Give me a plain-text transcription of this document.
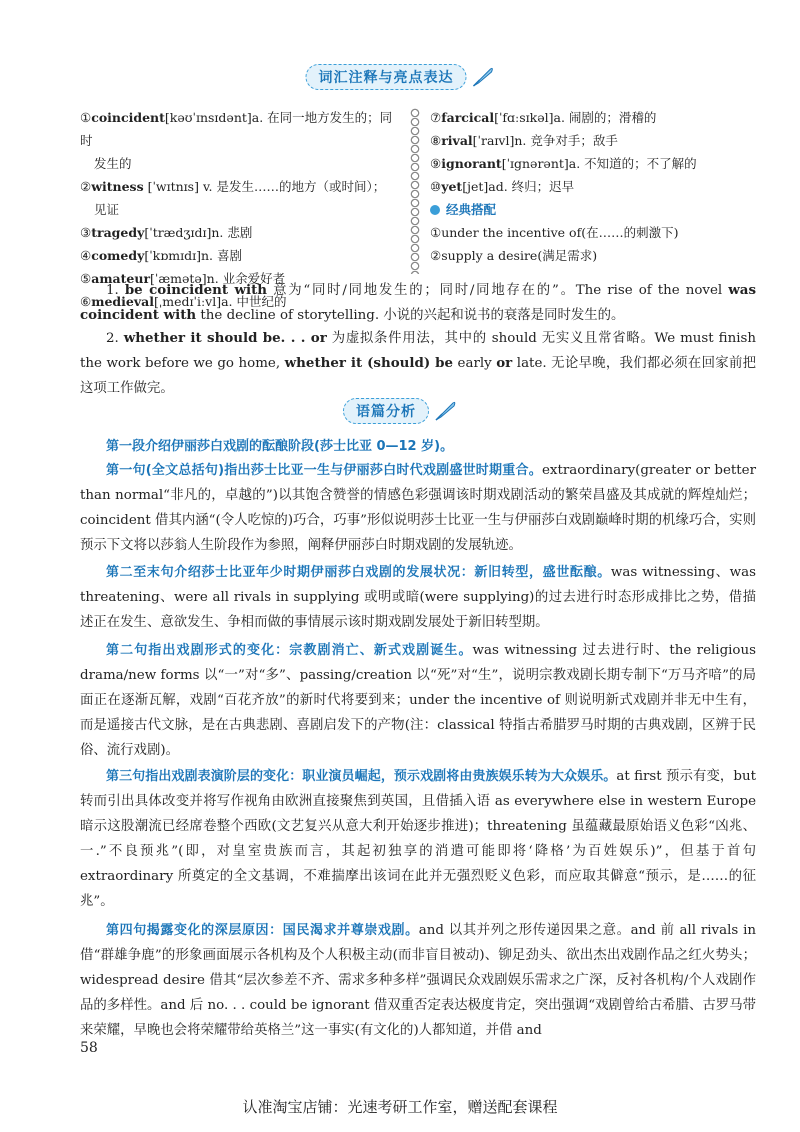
词汇注释与亮点表达
①coincident[kəʊˈɪnsɪdənt]a. 在同一地方发生的；同时
发生的
②witness [ˈwɪtnɪs] v. 是发生……的地方（或时间）；
见证
③tragedy[ˈtrædʒɪdɪ]n. 悲剧
④comedy[ˈkɒmɪdɪ]n. 喜剧
⑤amateur[ˈæmətə]n. 业余爱好者
⑥medieval[ˌmedɪˈiːvl]a. 中世纪的
⑦farcical[ˈfɑːsɪkəl]a. 闹剧的；滑稽的
⑧rival[ˈraɪvl]n. 竞争对手；敌手
⑨ignorant[ˈɪgnərənt]a. 不知道的；不了解的
⑩yet[jet]ad. 终归；迟早
经典搭配
①under the incentive of(在……的刺激下)
②supply a desire(满足需求)

1. be coincident with 意为“同时/同地发生的；同时/同地存在的”。The rise of the novel was coincident with the decline of storytelling. 小说的兴起和说书的衰落是同时发生的。

2. whether it should be. . . or 为虚拟条件用法，其中的 should 无实义且常省略。We must finish the work before we go home, whether it (should) be early or late. 无论早晚，我们都必须在回家前把这项工作做完。

语篇分析

第一段介绍伊丽莎白戏剧的酝酿阶段(莎士比亚 0—12 岁)。

第一句(全文总括句)指出莎士比亚一生与伊丽莎白时代戏剧盛世时期重合。extraordinary(greater or better than normal“非凡的，卓越的”)以其饱含赞誉的情感色彩强调该时期戏剧活动的繁荣昌盛及其成就的辉煌灿烂；coincident 借其内涵“(令人吃惊的)巧合，巧事”形似说明莎士比亚一生与伊丽莎白戏剧巅峰时期的机缘巧合，实则预示下文将以莎翁人生阶段作为参照，阐释伊丽莎白时期戏剧的发展轨迹。

第二至末句介绍莎士比亚年少时期伊丽莎白戏剧的发展状况：新旧转型，盛世酝酿。was witnessing、was threatening、were all rivals in supplying 或明或暗(were supplying)的过去进行时态形成排比之势，借描述正在发生、意欲发生、争相而做的事情展示该时期戏剧发展处于新旧转型期。

第二句指出戏剧形式的变化：宗教剧消亡、新式戏剧诞生。was witnessing 过去进行时、the religious drama/new forms 以“一”对“多”、passing/creation 以“死”对“生”，说明宗教戏剧长期专制下“万马齐喑”的局面正在逐渐瓦解，戏剧“百花齐放”的新时代将要到来；under the incentive of 则说明新式戏剧并非无中生有，而是遥接古代文脉，是在古典悲剧、喜剧启发下的产物(注：classical 特指古希腊罗马时期的古典戏剧，区辨于民俗、流行戏剧)。

第三句指出戏剧表演阶层的变化：职业演员崛起，预示戏剧将由贵族娱乐转为大众娱乐。at first 预示有变，but 转而引出具体改变并将写作视角由欧洲直接聚焦到英国，且借插入语 as everywhere else in western Europe 暗示这股潮流已经席卷整个西欧(文艺复兴从意大利开始逐步推进)；threatening 虽蕴藏最原始语义色彩“凶兆、一.”不良预兆”(即，对皇室贵族而言，其起初独享的消遣可能即将‘降格’为百姓娱乐)”，但基于首句 extraordinary 所奠定的全文基调，不难揣摩出该词在此并无强烈贬义色彩，而应取其僻意“预示，是……的征兆”。

第四句揭露变化的深层原因：国民渴求并尊崇戏剧。and 以其并列之形传递因果之意。and 前 all rivals in 借“群雄争鹿”的形象画面展示各机构及个人积极主动(而非盲目被动)、铆足劲头、欲出杰出戏剧作品之红火势头；widespread desire 借其“层次参差不齐、需求多种多样”强调民众戏剧娱乐需求之广深，反衬各机构/个人戏剧作品的多样性。and 后 no. . . could be ignorant 借双重否定表达极度肯定，突出强调“戏剧曾给古希腊、古罗马带来荣耀，早晚也会将荣耀带给英格兰”这一事实(有文化的)人都知道，并借 and

58
认准淘宝店铺：光速考研工作室，赠送配套课程
